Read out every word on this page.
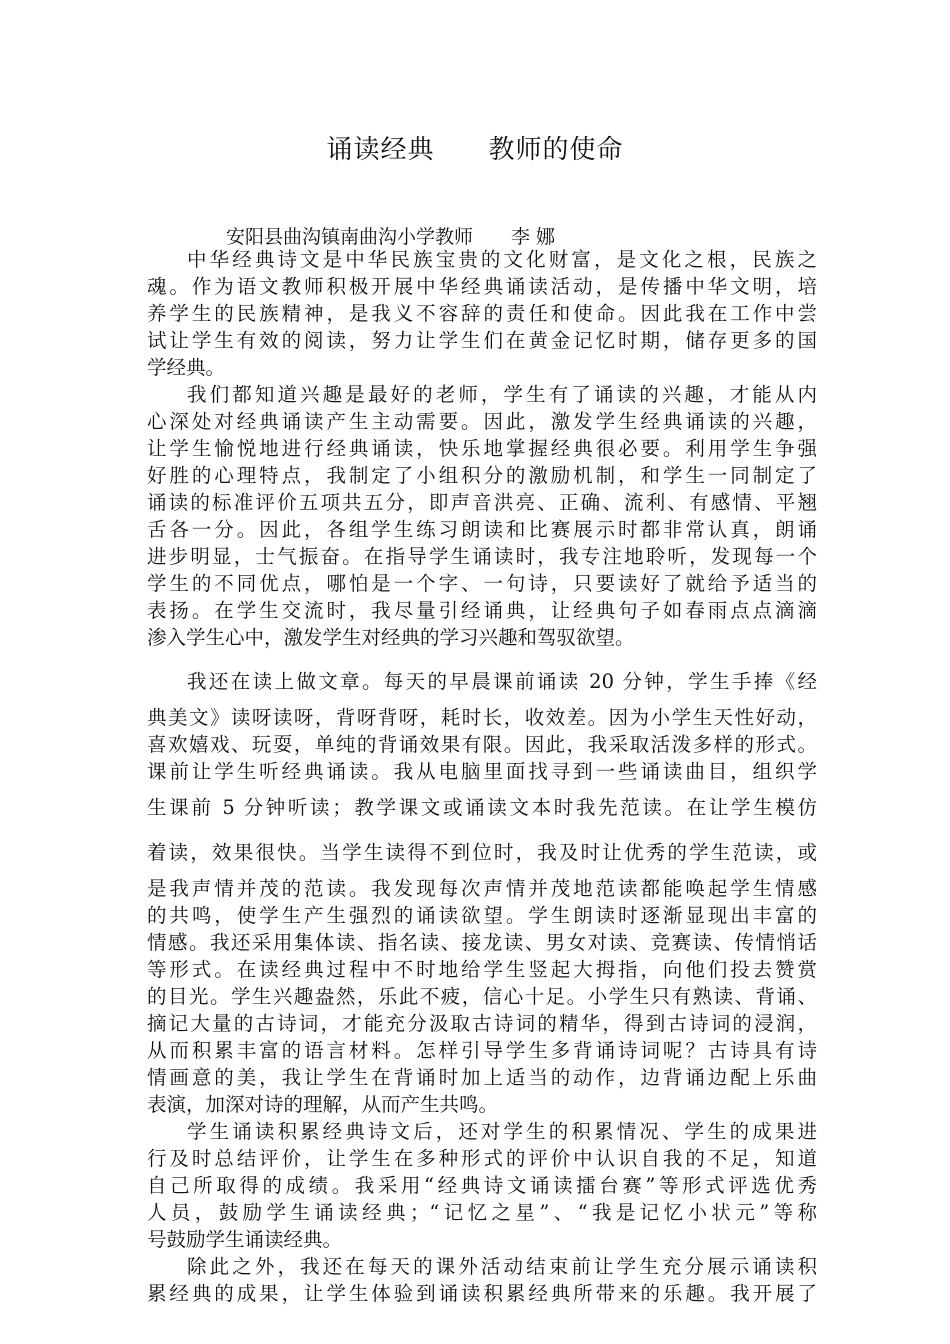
诵读经典　　教师的使命
安阳县曲沟镇南曲沟小学教师　　李 娜
中华经典诗文是中华民族宝贵的文化财富，是文化之根，民族之
魂。作为语文教师积极开展中华经典诵读活动，是传播中华文明，培
养学生的民族精神，是我义不容辞的责任和使命。因此我在工作中尝
试让学生有效的阅读，努力让学生们在黄金记忆时期，储存更多的国
学经典。
我们都知道兴趣是最好的老师，学生有了诵读的兴趣，才能从内
心深处对经典诵读产生主动需要。因此，激发学生经典诵读的兴趣，
让学生愉悦地进行经典诵读，快乐地掌握经典很必要。利用学生争强
好胜的心理特点，我制定了小组积分的激励机制，和学生一同制定了
诵读的标准评价五项共五分，即声音洪亮、正确、流利、有感情、平翘
舌各一分。因此，各组学生练习朗读和比赛展示时都非常认真，朗诵
进步明显，士气振奋。在指导学生诵读时，我专注地聆听，发现每一个
学生的不同优点，哪怕是一个字、一句诗，只要读好了就给予适当的
表扬。在学生交流时，我尽量引经诵典，让经典句子如春雨点点滴滴
渗入学生心中，激发学生对经典的学习兴趣和驾驭欲望。
我还在读上做文章。每天的早晨课前诵读 20 分钟，学生手捧《经
典美文》读呀读呀，背呀背呀，耗时长，收效差。因为小学生天性好动，
喜欢嬉戏、玩耍，单纯的背诵效果有限。因此，我采取活泼多样的形式。
课前让学生听经典诵读。我从电脑里面找寻到一些诵读曲目，组织学
生课前 5 分钟听读；教学课文或诵读文本时我先范读。在让学生模仿
着读，效果很快。当学生读得不到位时，我及时让优秀的学生范读，或
是我声情并茂的范读。我发现每次声情并茂地范读都能唤起学生情感
的共鸣，使学生产生强烈的诵读欲望。学生朗读时逐渐显现出丰富的
情感。我还采用集体读、指名读、接龙读、男女对读、竞赛读、传情悄话
等形式。在读经典过程中不时地给学生竖起大拇指，向他们投去赞赏
的目光。学生兴趣盎然，乐此不疲，信心十足。小学生只有熟读、背诵、
摘记大量的古诗词，才能充分汲取古诗词的精华，得到古诗词的浸润，
从而积累丰富的语言材料。怎样引导学生多背诵诗词呢？古诗具有诗
情画意的美，我让学生在背诵时加上适当的动作，边背诵边配上乐曲
表演，加深对诗的理解，从而产生共鸣。
学生诵读积累经典诗文后，还对学生的积累情况、学生的成果进
行及时总结评价，让学生在多种形式的评价中认识自我的不足，知道
自己所取得的成绩。我采用“经典诗文诵读擂台赛”等形式评选优秀
人员，鼓励学生诵读经典；“记忆之星”、“我是记忆小状元”等称
号鼓励学生诵读经典。
除此之外，我还在每天的课外活动结束前让学生充分展示诵读积
累经典的成果，让学生体验到诵读积累经典所带来的乐趣。我开展了
